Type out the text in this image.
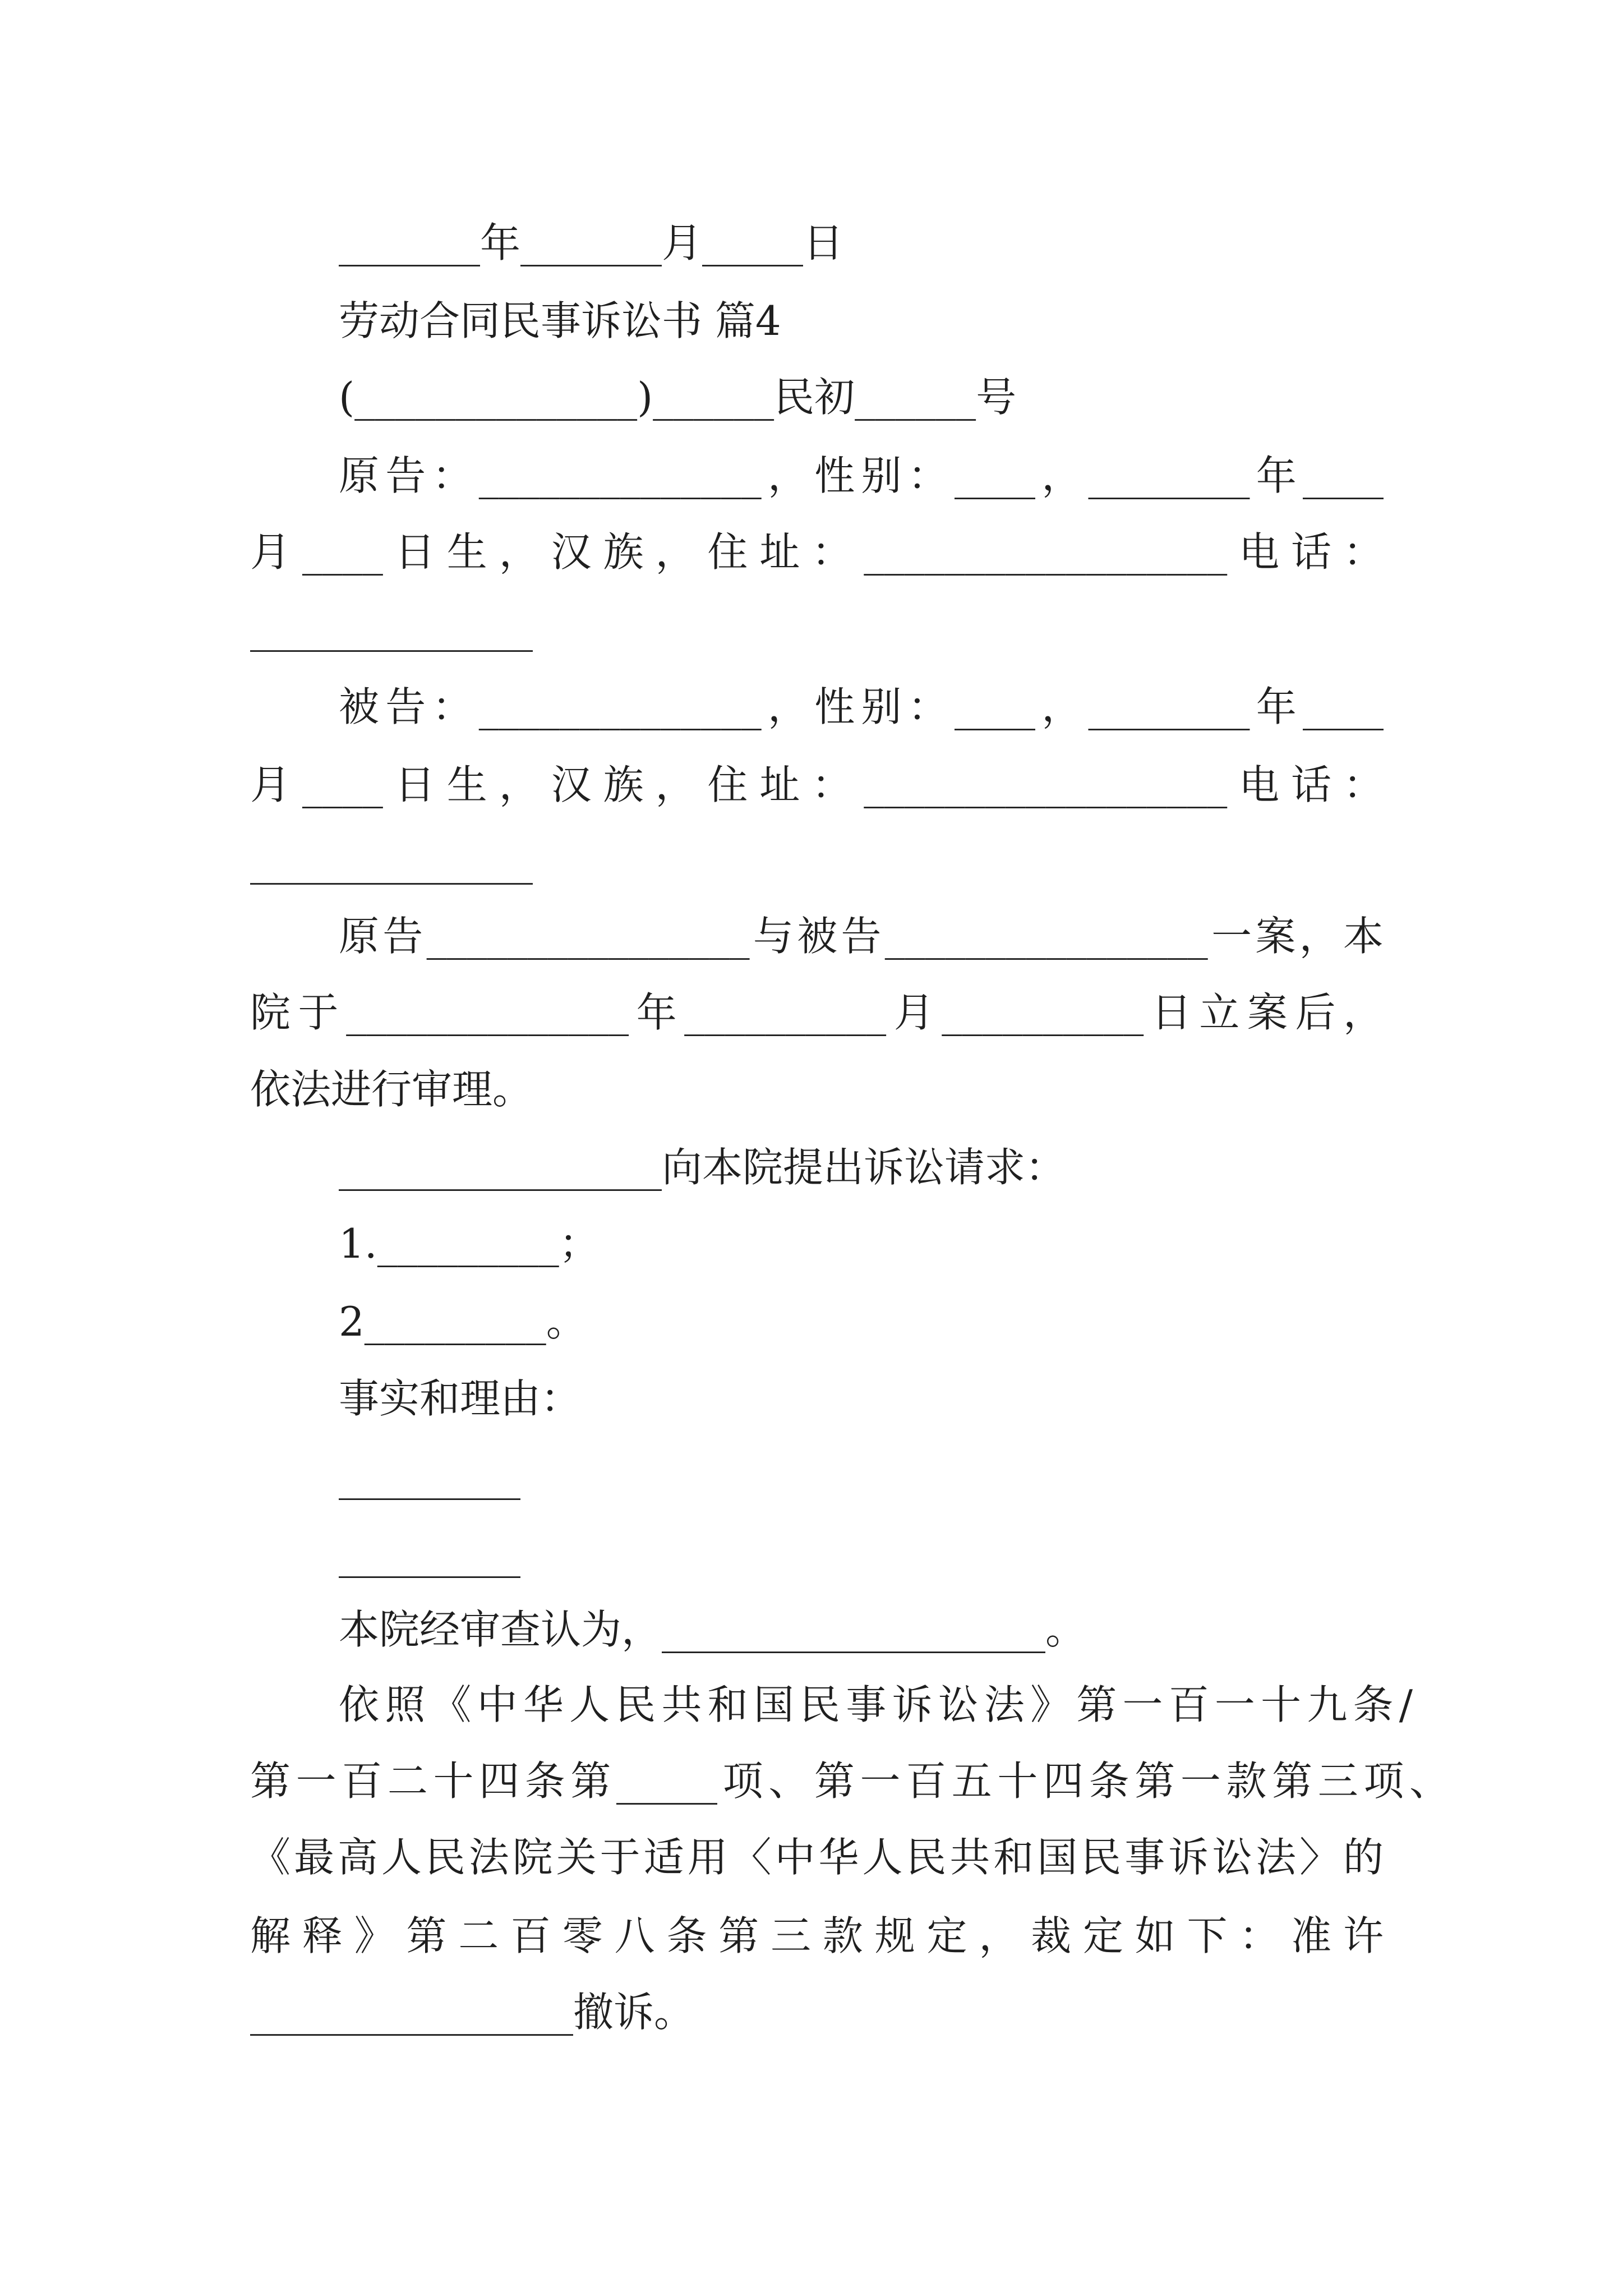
_______年_______月_____日
劳动合同民事诉讼书 篇4
(______________)______民初______号
原告：______________，性别：____，________年____
月____日生，汉族，住址：__________________电话：
______________
被告：______________，性别：____，________年____
月____日生，汉族，住址：__________________电话：
______________
原告________________与被告________________一案，本
院于______________年__________月__________日立案后，
依法进行审理。
________________向本院提出诉讼请求：
1._________；
2_________。
事实和理由：
_________
_________
本院经审查认为，___________________。
依照《中华人民共和国民事诉讼法》第一百一十九条/
第一百二十四条第_____项、第一百五十四条第一款第三项、
《最高人民法院关于适用〈中华人民共和国民事诉讼法〉的
解释》第二百零八条第三款规定，裁定如下：准许
________________撤诉。
